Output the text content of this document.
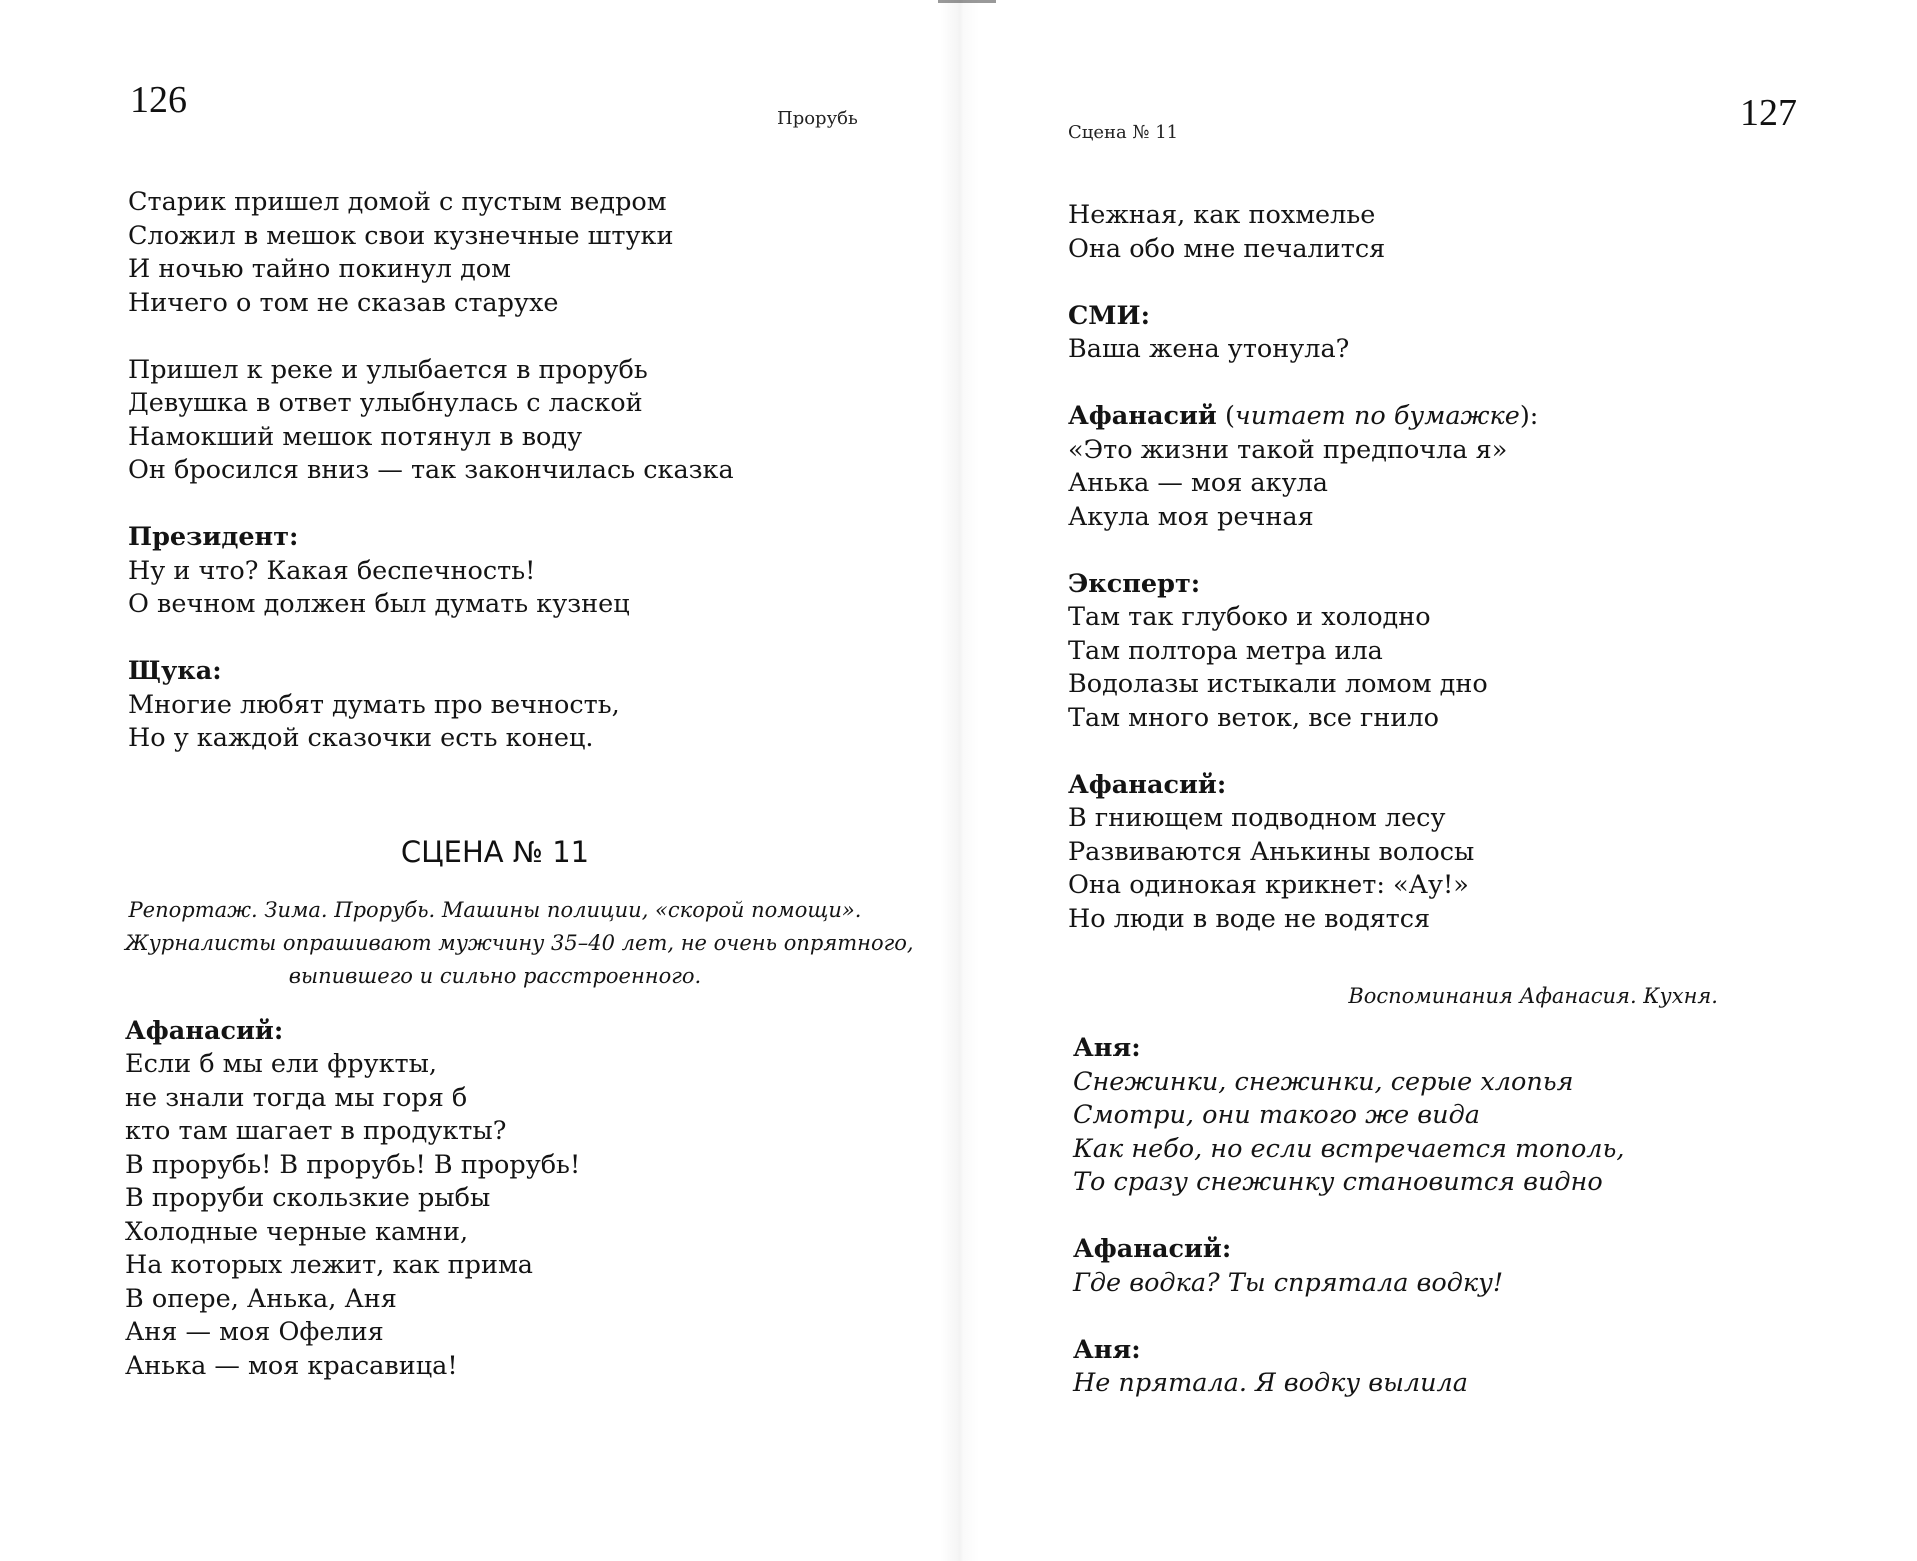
126	Прорубь
Старик пришел домой с пустым ведром
Сложил в мешок свои кузнечные штуки
И ночью тайно покинул дом
Ничего о том не сказав старухе
Пришел к реке и улыбается в прорубь
Девушка в ответ улыбнулась с лаской
Намокший мешок потянул в воду
Он бросился вниз — так закончилась сказка
Президент:
Ну и что? Какая беспечность!
О вечном должен был думать кузнец
Щука:
Многие любят думать про вечность,
Но у каждой сказочки есть конец.
СЦЕНА № 11
Репортаж. Зима. Прорубь. Машины полиции, «скорой помощи».
Журналисты опрашивают мужчину 35–40 лет, не очень опрятного,
выпившего и сильно расстроенного.
Афанасий:
Если б мы ели фрукты,
не знали тогда мы горя б
кто там шагает в продукты?
В прорубь! В прорубь! В прорубь!
В проруби скользкие рыбы
Холодные черные камни,
На которых лежит, как прима
В опере, Анька, Аня
Аня — моя Офелия
Анька — моя красавица!
Сцена № 11	127
Нежная, как похмелье
Она обо мне печалится
СМИ:
Ваша жена утонула?
Афанасий (читает по бумажке):
«Это жизни такой предпочла я»
Анька — моя акула
Акула моя речная
Эксперт:
Там так глубоко и холодно
Там полтора метра ила
Водолазы истыкали ломом дно
Там много веток, все гнило
Афанасий:
В гниющем подводном лесу
Развиваются Анькины волосы
Она одинокая крикнет: «Ау!»
Но люди в воде не водятся
Воспоминания Афанасия. Кухня.
Аня:
Снежинки, снежинки, серые хлопья
Смотри, они такого же вида
Как небо, но если встречается тополь,
То сразу снежинку становится видно
Афанасий:
Где водка? Ты спрятала водку!
Аня:
Не прятала. Я водку вылила
